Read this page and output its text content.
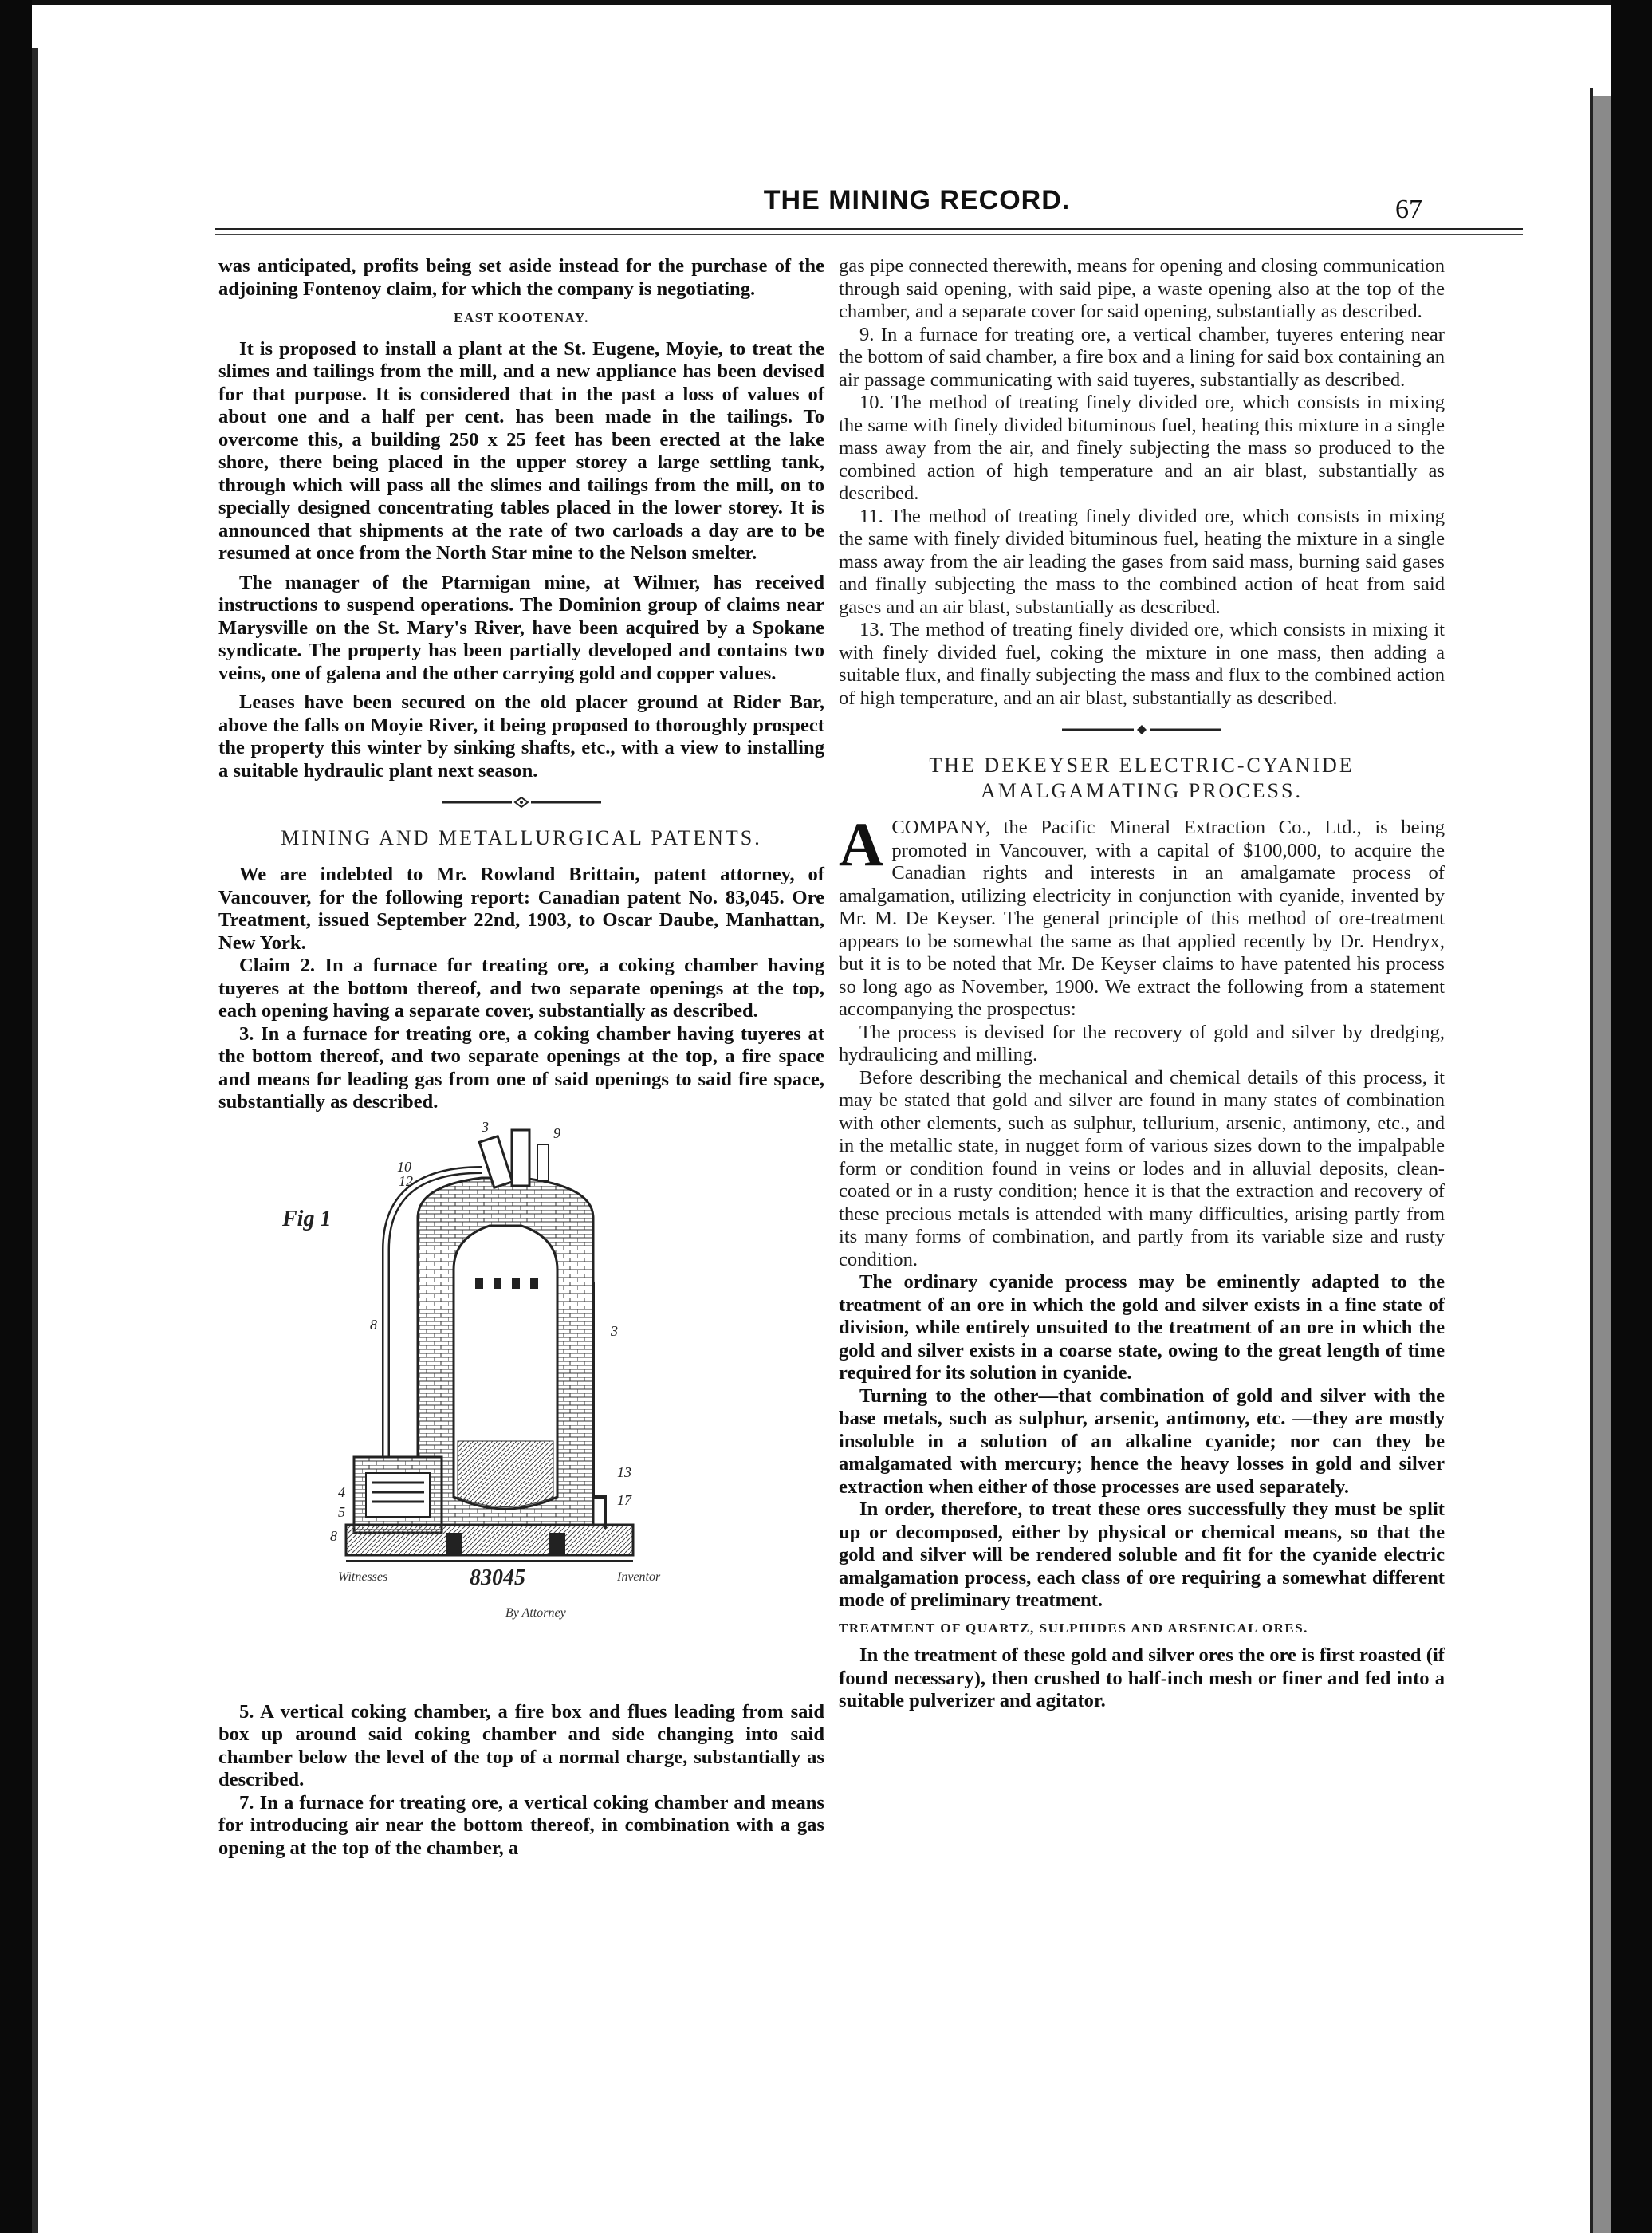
THE MINING RECORD.	67

was anticipated, profits being set aside instead for the purchase of the adjoining Fontenoy claim, for which the company is negotiating.

EAST KOOTENAY.

It is proposed to install a plant at the St. Eugene, Moyie, to treat the slimes and tailings from the mill, and a new appliance has been devised for that purpose. It is considered that in the past a loss of values of about one and a half per cent. has been made in the tailings. To overcome this, a building 250 x 25 feet has been erected at the lake shore, there being placed in the upper storey a large settling tank, through which will pass all the slimes and tailings from the mill, on to specially designed concentrating tables placed in the lower storey. It is announced that shipments at the rate of two carloads a day are to be resumed at once from the North Star mine to the Nelson smelter.

The manager of the Ptarmigan mine, at Wilmer, has received instructions to suspend operations. The Dominion group of claims near Marysville on the St. Mary's River, have been acquired by a Spokane syndicate. The property has been partially developed and contains two veins, one of galena and the other carrying gold and copper values.

Leases have been secured on the old placer ground at Rider Bar, above the falls on Moyie River, it being proposed to thoroughly prospect the property this winter by sinking shafts, etc., with a view to installing a suitable hydraulic plant next season.

MINING AND METALLURGICAL PATENTS.

We are indebted to Mr. Rowland Brittain, patent attorney, of Vancouver, for the following report: Canadian patent No. 83,045. Ore Treatment, issued September 22nd, 1903, to Oscar Daube, Manhattan, New York.

Claim 2. In a furnace for treating ore, a coking chamber having tuyeres at the bottom thereof, and two separate openings at the top, each opening having a separate cover, substantially as described.

3. In a furnace for treating ore, a coking chamber having tuyeres at the bottom thereof, and two separate openings at the top, a fire space and means for leading gas from one of said openings to said fire space, substantially as described.

10
12
3	9
8	3
13
17
4
5
8
Fig 1
Witnesses	83045	Inventor
By Attorney

5. A vertical coking chamber, a fire box and flues leading from said box up around said coking chamber and side changing into said chamber below the level of the top of a normal charge, substantially as described.

7. In a furnace for treating ore, a vertical coking chamber and means for introducing air near the bottom thereof, in combination with a gas opening at the top of the chamber, a

gas pipe connected therewith, means for opening and closing communication through said opening, with said pipe, a waste opening also at the top of the chamber, and a separate cover for said opening, substantially as described.

9. In a furnace for treating ore, a vertical chamber, tuyeres entering near the bottom of said chamber, a fire box and a lining for said box containing an air passage communicating with said tuyeres, substantially as described.

10. The method of treating finely divided ore, which consists in mixing the same with finely divided bituminous fuel, heating this mixture in a single mass away from the air, and finely subjecting the mass so produced to the combined action of high temperature and an air blast, substantially as described.

11. The method of treating finely divided ore, which consists in mixing the same with finely divided bituminous fuel, heating the mixture in a single mass away from the air leading the gases from said mass, burning said gases and finally subjecting the mass to the combined action of heat from said gases and an air blast, substantially as described.

13. The method of treating finely divided ore, which consists in mixing it with finely divided fuel, coking the mixture in one mass, then adding a suitable flux, and finally subjecting the mass and flux to the combined action of high temperature, and an air blast, substantially as described.

THE DEKEYSER ELECTRIC-CYANIDE AMALGAMATING PROCESS.

ACOMPANY, the Pacific Mineral Extraction Co., Ltd., is being promoted in Vancouver, with a capital of $100,000, to acquire the Canadian rights and interests in an amalgamate process of amalgamation, utilizing electricity in conjunction with cyanide, invented by Mr. M. De Keyser. The general principle of this method of ore-treatment appears to be somewhat the same as that applied recently by Dr. Hendryx, but it is to be noted that Mr. De Keyser claims to have patented his process so long ago as November, 1900. We extract the following from a statement accompanying the prospectus:

The process is devised for the recovery of gold and silver by dredging, hydraulicing and milling.

Before describing the mechanical and chemical details of this process, it may be stated that gold and silver are found in many states of combination with other elements, such as sulphur, tellurium, arsenic, antimony, etc., and in the metallic state, in nugget form of various sizes down to the impalpable form or condition found in veins or lodes and in alluvial deposits, clean-coated or in a rusty condition; hence it is that the extraction and recovery of these precious metals is attended with many difficulties, arising partly from its many forms of combination, and partly from its variable size and rusty condition.

The ordinary cyanide process may be eminently adapted to the treatment of an ore in which the gold and silver exists in a fine state of division, while entirely unsuited to the treatment of an ore in which the gold and silver exists in a coarse state, owing to the great length of time required for its solution in cyanide.

Turning to the other—that combination of gold and silver with the base metals, such as sulphur, arsenic, antimony, etc. —they are mostly insoluble in a solution of an alkaline cyanide; nor can they be amalgamated with mercury; hence the heavy losses in gold and silver extraction when either of those processes are used separately.

In order, therefore, to treat these ores successfully they must be split up or decomposed, either by physical or chemical means, so that the gold and silver will be rendered soluble and fit for the cyanide electric amalgamation process, each class of ore requiring a somewhat different mode of preliminary treatment.

TREATMENT OF QUARTZ, SULPHIDES AND ARSENICAL ORES.

In the treatment of these gold and silver ores the ore is first roasted (if found necessary), then crushed to half-inch mesh or finer and fed into a suitable pulverizer and agitator.
